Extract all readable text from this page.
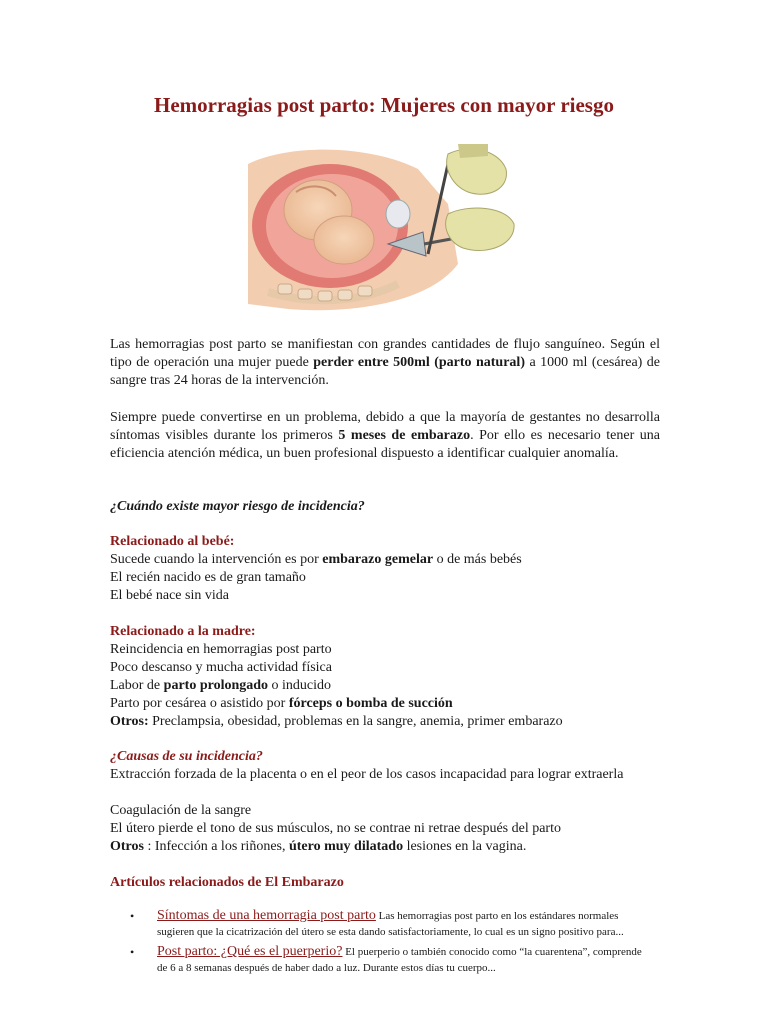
Hemorragias post parto: Mujeres con mayor riesgo
Las hemorragias post parto se manifiestan con grandes cantidades de flujo sanguíneo. Según el tipo de operación una mujer puede perder entre 500ml (parto natural) a 1000 ml (cesárea) de sangre tras 24 horas de la intervención.
Siempre puede convertirse en un problema, debido a que la mayoría de gestantes no desarrolla síntomas visibles durante los primeros 5 meses de embarazo. Por ello es necesario tener una eficiencia atención médica, un buen profesional dispuesto a identificar cualquier anomalía.
¿Cuándo existe mayor riesgo de incidencia?
Relacionado al bebé:
Sucede cuando la intervención es por embarazo gemelar o de más bebés
El recién nacido es de gran tamaño
El bebé nace sin vida
Relacionado a la madre:
Reincidencia en hemorragias post parto
Poco descanso y mucha actividad física
Labor de parto prolongado o inducido
Parto por cesárea o asistido por fórceps o bomba de succión
Otros: Preclampsia, obesidad, problemas en la sangre, anemia, primer embarazo
¿Causas de su incidencia?
Extracción forzada de la placenta o en el peor de los casos incapacidad para lograr extraerla
Coagulación de la sangre
El útero pierde el tono de sus músculos, no se contrae ni retrae después del parto
Otros : Infección a los riñones, útero muy dilatado lesiones en la vagina.
Artículos relacionados de El Embarazo
• Síntomas de una hemorragia post parto Las hemorragias post parto en los estándares normales sugieren que la cicatrización del útero se esta dando satisfactoriamente, lo cual es un signo positivo para...
• Post parto: ¿Qué es el puerperio? El puerperio o también conocido como “la cuarentena”, comprende de 6 a 8 semanas después de haber dado a luz. Durante estos días tu cuerpo...
